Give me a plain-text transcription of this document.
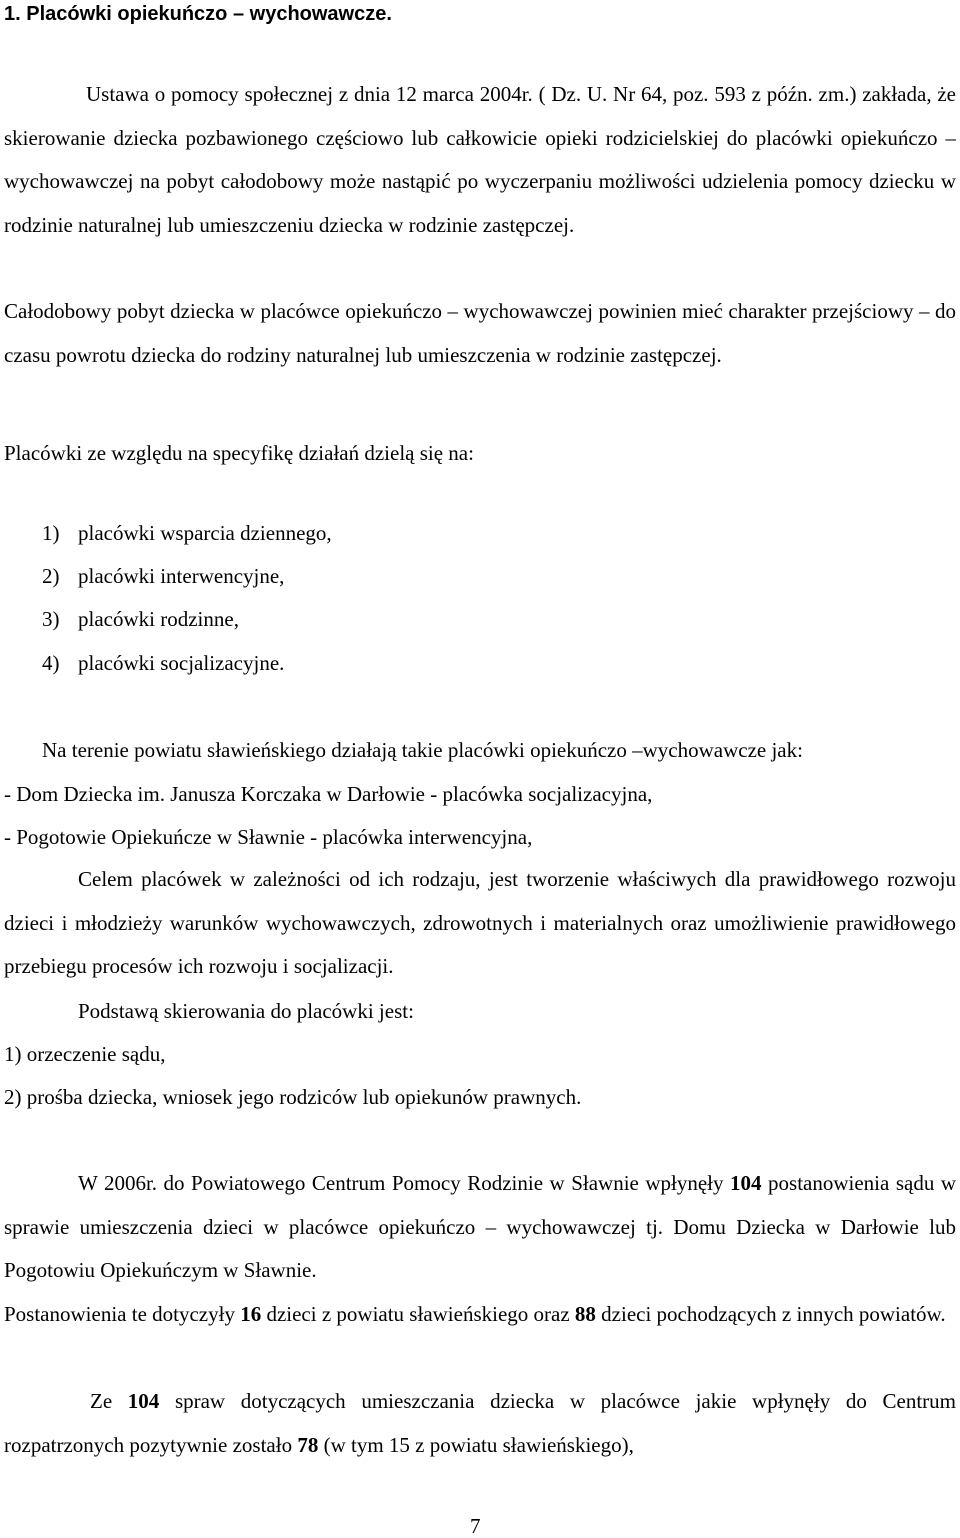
1. Placówki opiekuńczo – wychowawcze.

Ustawa o pomocy społecznej z dnia 12 marca 2004r. ( Dz. U. Nr 64, poz. 593 z późn. zm.) zakłada, że skierowanie dziecka pozbawionego częściowo lub całkowicie opieki rodzicielskiej do placówki opiekuńczo – wychowawczej na pobyt całodobowy może nastąpić po wyczerpaniu możliwości udzielenia pomocy dziecku w rodzinie naturalnej lub umieszczeniu dziecka w rodzinie zastępczej.

Całodobowy pobyt dziecka w placówce opiekuńczo – wychowawczej powinien mieć charakter przejściowy – do czasu powrotu dziecka do rodziny naturalnej lub umieszczenia w rodzinie zastępczej.

Placówki ze względu na specyfikę działań dzielą się na:

1) placówki wsparcia dziennego,
2) placówki interwencyjne,
3) placówki rodzinne,
4) placówki socjalizacyjne.

Na terenie powiatu sławieńskiego działają takie placówki opiekuńczo –wychowawcze jak:

- Dom Dziecka im. Janusza Korczaka w Darłowie - placówka socjalizacyjna,

- Pogotowie Opiekuńcze w Sławnie - placówka interwencyjna,

Celem placówek w zależności od ich rodzaju, jest tworzenie właściwych dla prawidłowego rozwoju dzieci i młodzieży warunków wychowawczych, zdrowotnych i materialnych oraz umożliwienie prawidłowego przebiegu procesów ich rozwoju i socjalizacji.

Podstawą skierowania do placówki jest:

1) orzeczenie sądu,

2) prośba dziecka, wniosek jego rodziców lub opiekunów prawnych.

W 2006r. do Powiatowego Centrum Pomocy Rodzinie w Sławnie wpłynęły 104 postanowienia sądu w sprawie umieszczenia dzieci w placówce opiekuńczo – wychowawczej tj. Domu Dziecka w Darłowie lub Pogotowiu Opiekuńczym w Sławnie.

Postanowienia te dotyczyły 16 dzieci z powiatu sławieńskiego oraz 88 dzieci pochodzących z innych powiatów.

Ze 104 spraw dotyczących umieszczania dziecka w placówce jakie wpłynęły do Centrum rozpatrzonych pozytywnie zostało 78 (w tym 15 z powiatu sławieńskiego),

7
